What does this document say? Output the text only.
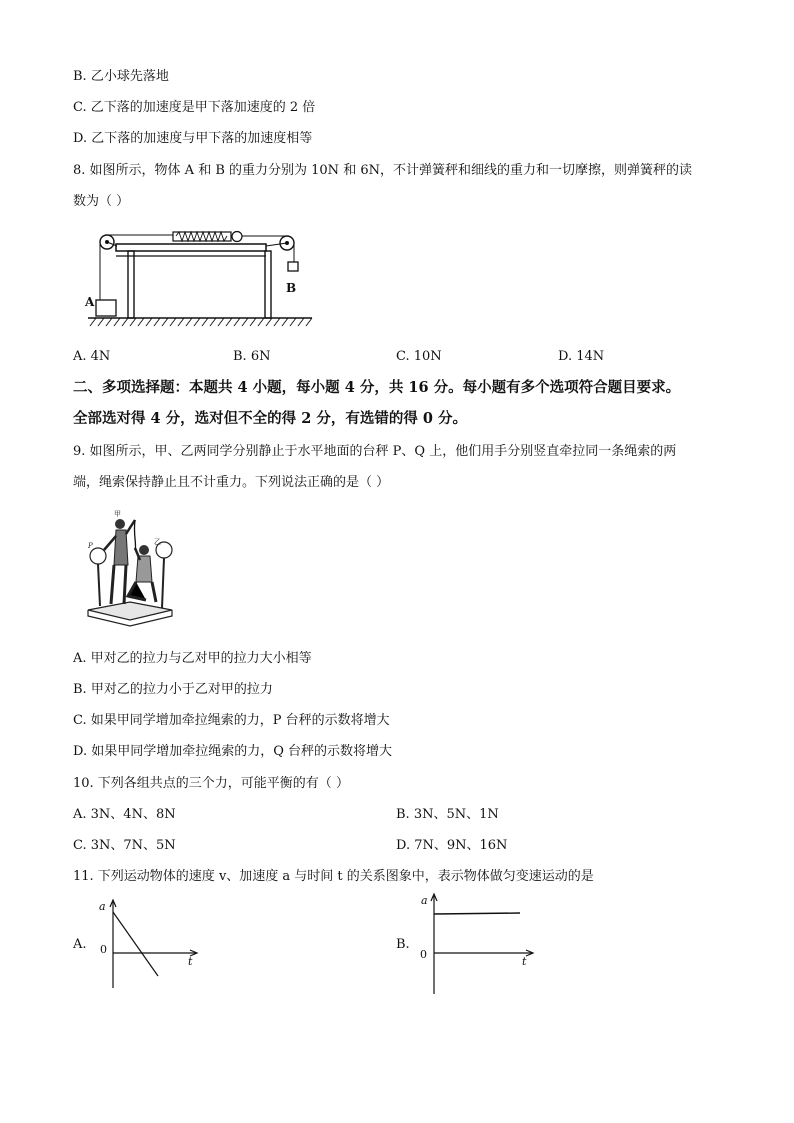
B. 乙小球先落地
C. 乙下落的加速度是甲下落加速度的 2 倍
D. 乙下落的加速度与甲下落的加速度相等
8. 如图所示，物体 A 和 B 的重力分别为 10N 和 6N，不计弹簧秤和细线的重力和一切摩擦，则弹簧秤的读
数为（ ）
A
B
A. 4N	B. 6N	C. 10N	D. 14N
二、多项选择题：本题共 4 小题，每小题 4 分，共 16 分。每小题有多个选项符合题目要求。
全部选对得 4 分，选对但不全的得 2 分，有选错的得 0 分。
9. 如图所示，甲、乙两同学分别静止于水平地面的台秤 P、Q 上，他们用手分别竖直牵拉同一条绳索的两
端，绳索保持静止且不计重力。下列说法正确的是（ ）
P	乙
甲
A. 甲对乙的拉力与乙对甲的拉力大小相等
B. 甲对乙的拉力小于乙对甲的拉力
C. 如果甲同学增加牵拉绳索的力，P 台秤的示数将增大
D. 如果甲同学增加牵拉绳索的力，Q 台秤的示数将增大
10. 下列各组共点的三个力，可能平衡的有（ ）
A. 3N、4N、8N	B. 3N、5N、1N
C. 3N、7N、5N	D. 7N、9N、16N
11. 下列运动物体的速度 v、加速度 a 与时间 t 的关系图象中，表示物体做匀变速运动的是
A.
a
0
t
B.
a
0
t
